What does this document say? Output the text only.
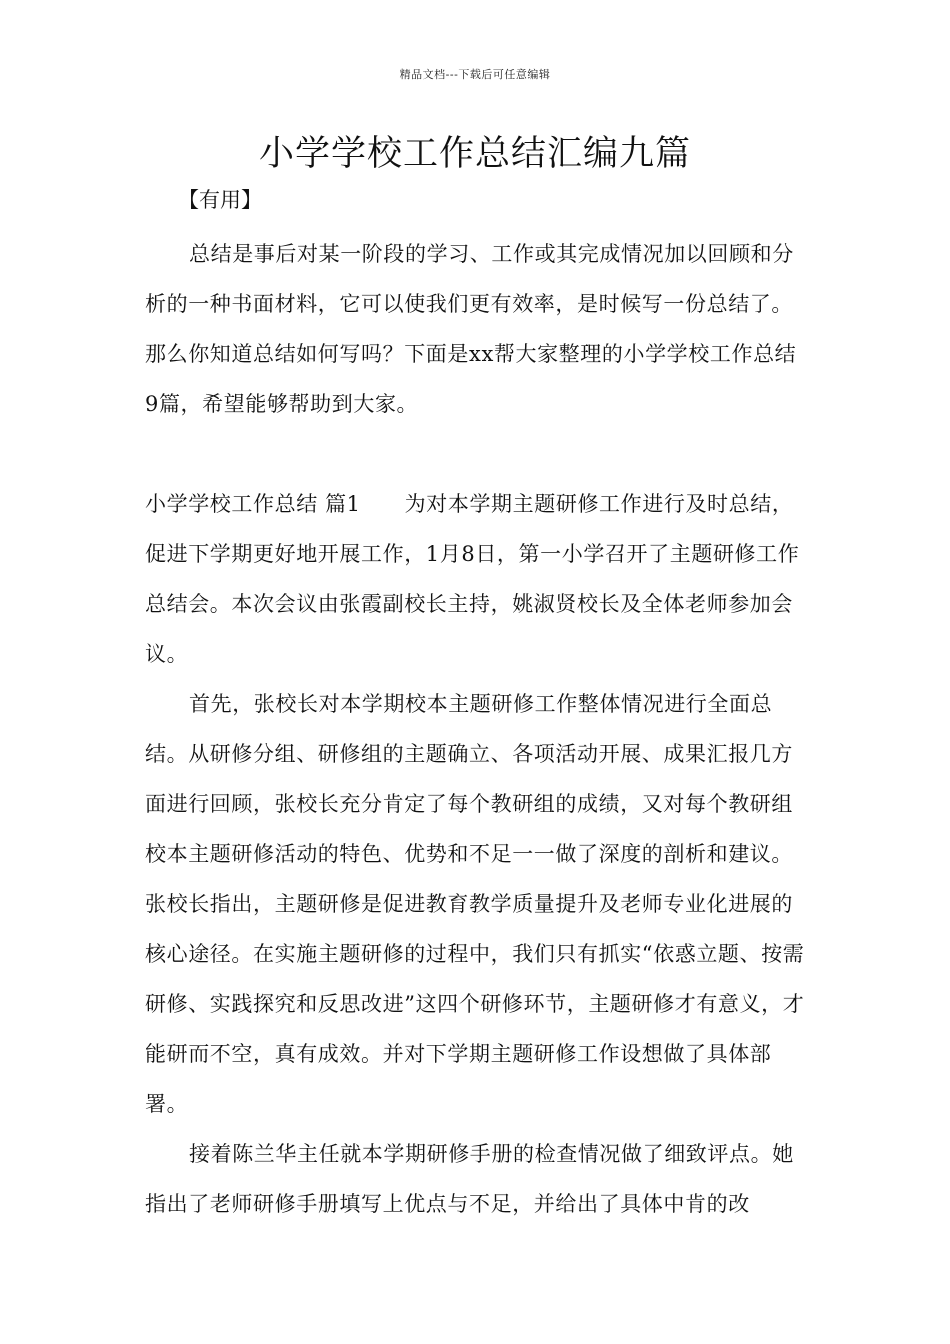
精品文档---下载后可任意编辑
小学学校工作总结汇编九篇
【有用】

总结是事后对某一阶段的学习、工作或其完成情况加以回顾和分析的一种书面材料，它可以使我们更有效率，是时候写一份总结了。那么你知道总结如何写吗？下面是xx帮大家整理的小学学校工作总结9篇，希望能够帮助到大家。

小学学校工作总结 篇1 为对本学期主题研修工作进行及时总结，促进下学期更好地开展工作，1月8日，第一小学召开了主题研修工作总结会。本次会议由张霞副校长主持，姚淑贤校长及全体老师参加会议。

首先，张校长对本学期校本主题研修工作整体情况进行全面总结。从研修分组、研修组的主题确立、各项活动开展、成果汇报几方面进行回顾，张校长充分肯定了每个教研组的成绩，又对每个教研组校本主题研修活动的特色、优势和不足一一做了深度的剖析和建议。张校长指出，主题研修是促进教育教学质量提升及老师专业化进展的核心途径。在实施主题研修的过程中，我们只有抓实“依惑立题、按需研修、实践探究和反思改进”这四个研修环节，主题研修才有意义，才能研而不空，真有成效。并对下学期主题研修工作设想做了具体部署。

接着陈兰华主任就本学期研修手册的检查情况做了细致评点。她指出了老师研修手册填写上优点与不足，并给出了具体中肯的改
